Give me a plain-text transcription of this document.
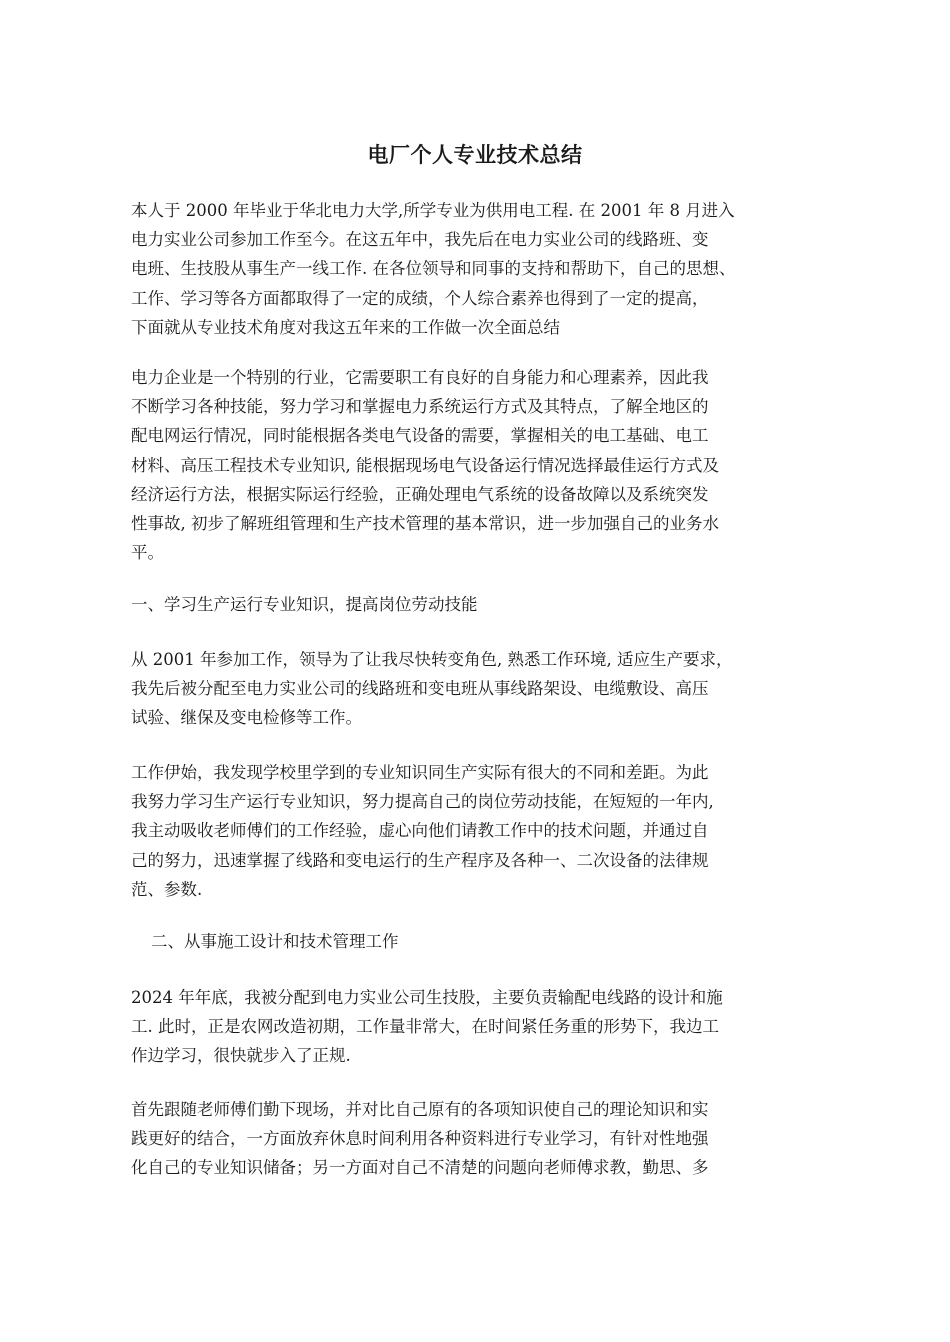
电厂个人专业技术总结
本人于 2000 年毕业于华北电力大学,所学专业为供用电工程. 在 2001 年 8 月进入
电力实业公司参加工作至今。在这五年中，我先后在电力实业公司的线路班、变
电班、生技股从事生产一线工作. 在各位领导和同事的支持和帮助下，自己的思想、
工作、学习等各方面都取得了一定的成绩，个人综合素养也得到了一定的提高，
下面就从专业技术角度对我这五年来的工作做一次全面总结
电力企业是一个特别的行业，它需要职工有良好的自身能力和心理素养，因此我
不断学习各种技能，努力学习和掌握电力系统运行方式及其特点，了解全地区的
配电网运行情况，同时能根据各类电气设备的需要，掌握相关的电工基础、电工
材料、高压工程技术专业知识, 能根据现场电气设备运行情况选择最佳运行方式及
经济运行方法，根据实际运行经验，正确处理电气系统的设备故障以及系统突发
性事故, 初步了解班组管理和生产技术管理的基本常识，进一步加强自己的业务水
平。
一、学习生产运行专业知识，提高岗位劳动技能
从 2001 年参加工作，领导为了让我尽快转变角色, 熟悉工作环境, 适应生产要求，
我先后被分配至电力实业公司的线路班和变电班从事线路架设、电缆敷设、高压
试验、继保及变电检修等工作。
工作伊始，我发现学校里学到的专业知识同生产实际有很大的不同和差距。为此
我努力学习生产运行专业知识，努力提高自己的岗位劳动技能，在短短的一年内,
我主动吸收老师傅们的工作经验，虚心向他们请教工作中的技术问题，并通过自
己的努力，迅速掌握了线路和变电运行的生产程序及各种一、二次设备的法律规
范、参数.
二、从事施工设计和技术管理工作
2024 年年底，我被分配到电力实业公司生技股，主要负责输配电线路的设计和施
工. 此时，正是农网改造初期，工作量非常大，在时间紧任务重的形势下，我边工
作边学习，很快就步入了正规.
首先跟随老师傅们勤下现场，并对比自己原有的各项知识使自己的理论知识和实
践更好的结合，一方面放弃休息时间利用各种资料进行专业学习，有针对性地强
化自己的专业知识储备；另一方面对自己不清楚的问题向老师傅求教，勤思、多
